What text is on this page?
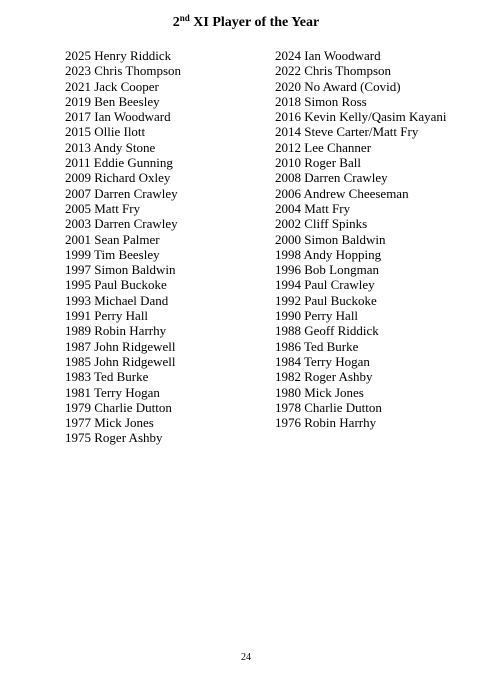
2nd XI Player of the Year
2025 Henry Riddick
2023 Chris Thompson
2021 Jack Cooper
2019 Ben Beesley
2017 Ian Woodward
2015 Ollie Ilott
2013 Andy Stone
2011 Eddie Gunning
2009 Richard Oxley
2007 Darren Crawley
2005 Matt Fry
2003 Darren Crawley
2001 Sean Palmer
1999 Tim Beesley
1997 Simon Baldwin
1995 Paul Buckoke
1993 Michael Dand
1991 Perry Hall
1989 Robin Harrhy
1987 John Ridgewell
1985 John Ridgewell
1983 Ted Burke
1981 Terry Hogan
1979 Charlie Dutton
1977 Mick Jones
1975 Roger Ashby
2024 Ian Woodward
2022 Chris Thompson
2020 No Award (Covid)
2018 Simon Ross
2016 Kevin Kelly/Qasim Kayani
2014 Steve Carter/Matt Fry
2012 Lee Channer
2010 Roger Ball
2008 Darren Crawley
2006 Andrew Cheeseman
2004 Matt Fry
2002 Cliff Spinks
2000 Simon Baldwin
1998 Andy Hopping
1996 Bob Longman
1994 Paul Crawley
1992 Paul Buckoke
1990 Perry Hall
1988 Geoff Riddick
1986 Ted Burke
1984 Terry Hogan
1982 Roger Ashby
1980 Mick Jones
1978 Charlie Dutton
1976 Robin Harrhy
24
